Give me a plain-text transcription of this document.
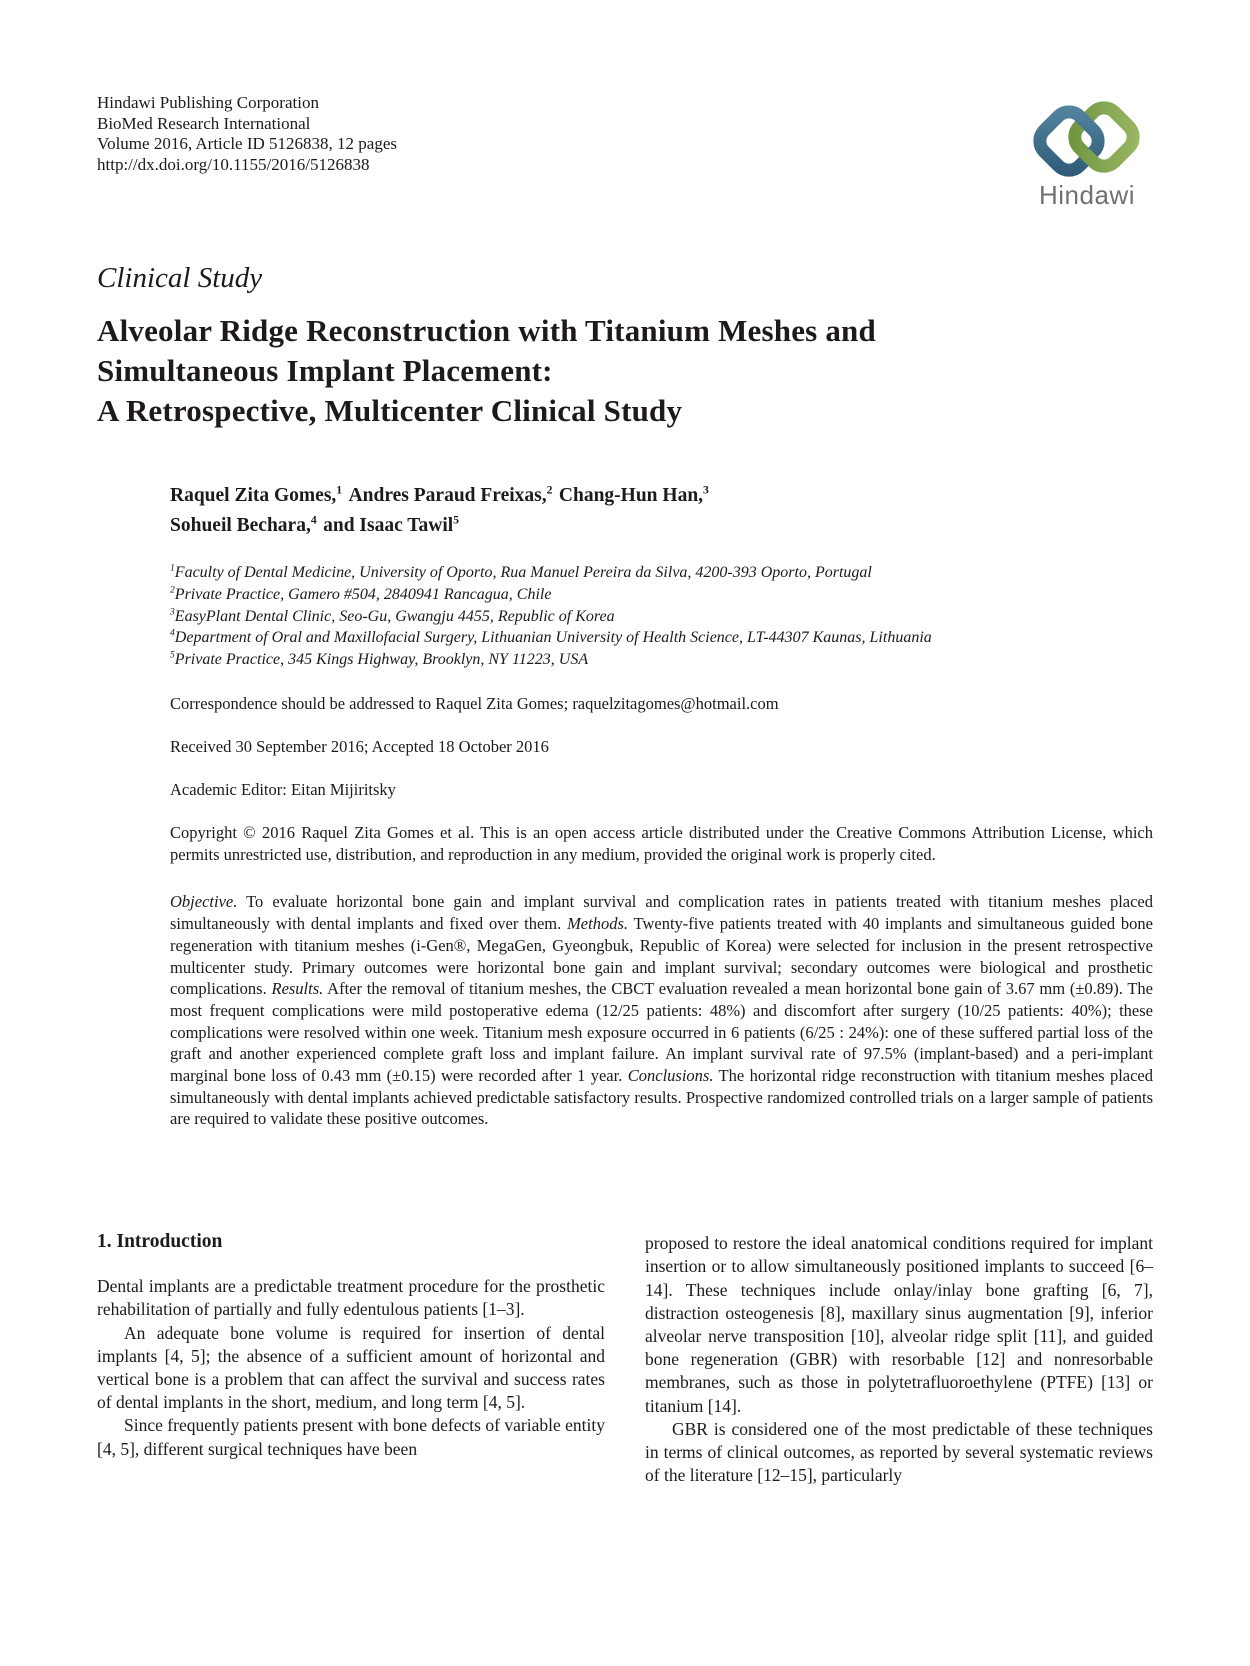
Hindawi Publishing Corporation
BioMed Research International
Volume 2016, Article ID 5126838, 12 pages
http://dx.doi.org/10.1155/2016/5126838
Hindawi
Clinical Study
Alveolar Ridge Reconstruction with Titanium Meshes and
Simultaneous Implant Placement:
A Retrospective, Multicenter Clinical Study
Raquel Zita Gomes,$^1$ Andres Paraud Freixas,$^2$ Chang-Hun Han,$^3$
Sohueil Bechara,$^4$ and Isaac Tawil$^5$
$^1$Faculty of Dental Medicine, University of Oporto, Rua Manuel Pereira da Silva, 4200-393 Oporto, Portugal
$^2$Private Practice, Gamero #504, 2840941 Rancagua, Chile
$^3$EasyPlant Dental Clinic, Seo-Gu, Gwangju 4455, Republic of Korea
$^4$Department of Oral and Maxillofacial Surgery, Lithuanian University of Health Science, LT-44307 Kaunas, Lithuania
$^5$Private Practice, 345 Kings Highway, Brooklyn, NY 11223, USA
Correspondence should be addressed to Raquel Zita Gomes; raquelzitagomes@hotmail.com
Received 30 September 2016; Accepted 18 October 2016
Academic Editor: Eitan Mijiritsky

Copyright © 2016 Raquel Zita Gomes et al. This is an open access article distributed under the Creative Commons Attribution License, which permits unrestricted use, distribution, and reproduction in any medium, provided the original work is properly cited.

Objective. To evaluate horizontal bone gain and implant survival and complication rates in patients treated with titanium meshes placed simultaneously with dental implants and fixed over them. Methods. Twenty-five patients treated with 40 implants and simultaneous guided bone regeneration with titanium meshes (i-Gen®, MegaGen, Gyeongbuk, Republic of Korea) were selected for inclusion in the present retrospective multicenter study. Primary outcomes were horizontal bone gain and implant survival; secondary outcomes were biological and prosthetic complications. Results. After the removal of titanium meshes, the CBCT evaluation revealed a mean horizontal bone gain of 3.67 mm (±0.89). The most frequent complications were mild postoperative edema (12/25 patients: 48%) and discomfort after surgery (10/25 patients: 40%); these complications were resolved within one week. Titanium mesh exposure occurred in 6 patients (6/25 : 24%): one of these suffered partial loss of the graft and another experienced complete graft loss and implant failure. An implant survival rate of 97.5% (implant-based) and a peri-implant marginal bone loss of 0.43 mm (±0.15) were recorded after 1 year. Conclusions. The horizontal ridge reconstruction with titanium meshes placed simultaneously with dental implants achieved predictable satisfactory results. Prospective randomized controlled trials on a larger sample of patients are required to validate these positive outcomes.

1. Introduction

Dental implants are a predictable treatment procedure for the prosthetic rehabilitation of partially and fully edentulous patients [1–3].

An adequate bone volume is required for insertion of dental implants [4, 5]; the absence of a sufficient amount of horizontal and vertical bone is a problem that can affect the survival and success rates of dental implants in the short, medium, and long term [4, 5].

Since frequently patients present with bone defects of variable entity [4, 5], different surgical techniques have been

proposed to restore the ideal anatomical conditions required for implant insertion or to allow simultaneously positioned implants to succeed [6–14]. These techniques include onlay/inlay bone grafting [6, 7], distraction osteogenesis [8], maxillary sinus augmentation [9], inferior alveolar nerve transposition [10], alveolar ridge split [11], and guided bone regeneration (GBR) with resorbable [12] and nonresorbable membranes, such as those in polytetrafluoroethylene (PTFE) [13] or titanium [14].

GBR is considered one of the most predictable of these techniques in terms of clinical outcomes, as reported by several systematic reviews of the literature [12–15], particularly
